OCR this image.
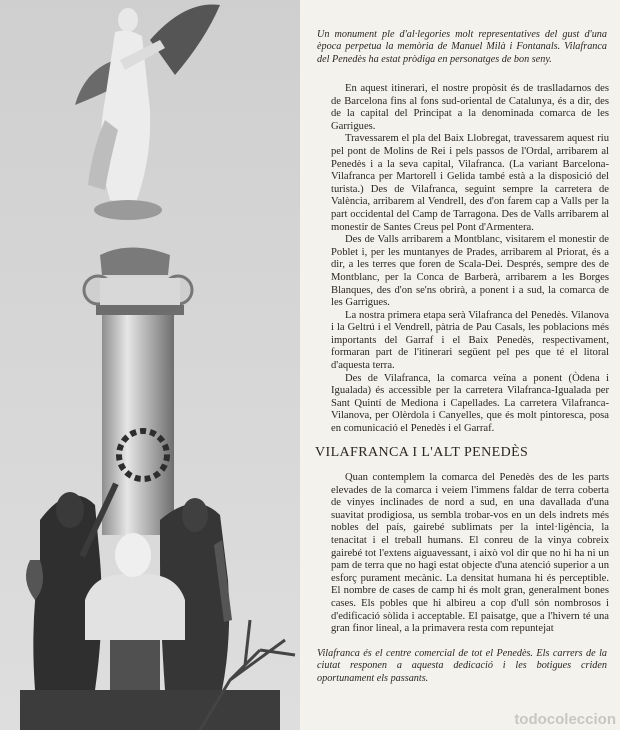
Un monument ple d'al·legories molt representatives del gust d'una època perpetua la memòria de Manuel Milà i Fontanals. Vilafranca del Penedès ha estat pròdiga en personatges de bon seny.

En aquest itinerari, el nostre propòsit és de traslladarnos des de Barcelona fins al fons sud-oriental de Catalunya, és a dir, des de la capital del Principat a la denominada comarca de les Garrigues.

Travessarem el pla del Baix Llobregat, travessarem aquest riu pel pont de Molins de Rei i pels passos de l'Ordal, arribarem al Penedès i a la seva capital, Vilafranca. (La variant Barcelona-Vilafranca per Martorell i Gelida també està a la disposició del turista.) Des de Vilafranca, seguint sempre la carretera de València, arribarem al Vendrell, des d'on farem cap a Valls per la part occidental del Camp de Tarragona. Des de Valls arribarem al monestir de Santes Creus pel Pont d'Armentera.

Des de Valls arribarem a Montblanc, visitarem el monestir de Poblet i, per les muntanyes de Prades, arribarem al Priorat, és a dir, a les terres que foren de Scala-Dei. Després, sempre des de Montblanc, per la Conca de Barberà, arribarem a les Borges Blanques, des d'on se'ns obrirà, a ponent i a sud, la comarca de les Garrigues.

La nostra primera etapa serà Vilafranca del Penedès. Vilanova i la Geltrú i el Vendrell, pàtria de Pau Casals, les poblacions més importants del Garraf i el Baix Penedès, respectivament, formaran part de l'itinerari següent pel pes que té el litoral d'aquesta terra.

Des de Vilafranca, la comarca veïna a ponent (Òdena i Igualada) és accessible per la carretera Vilafranca-Igualada per Sant Quintí de Mediona i Capellades. La carretera Vilafranca-Vilanova, per Olèrdola i Canyelles, que és molt pintoresca, posa en comunicació el Penedès i el Garraf.

VILAFRANCA I L'ALT PENEDÈS

Quan contemplem la comarca del Penedès des de les parts elevades de la comarca i veiem l'immens faldar de terra coberta de vinyes inclinades de nord a sud, en una davallada d'una suavitat prodigiosa, us sembla trobar-vos en un dels indrets més nobles del país, gairebé sublimats per la intel·ligència, la tenacitat i el treball humans. El conreu de la vinya cobreix gairebé tot l'extens aiguavessant, i això vol dir que no hi ha ni un pam de terra que no hagi estat objecte d'una atenció superior a un esforç purament mecànic. La densitat humana hi és perceptible. El nombre de cases de camp hi és molt gran, generalment bones cases. Els pobles que hi albireu a cop d'ull són nombrosos i d'edificació sòlida i acceptable. El paisatge, que a l'hivern té una gran finor lineal, a la primavera resta com repuntejat

Vilafranca és el centre comercial de tot el Penedès. Els carrers de la ciutat responen a aquesta dedicació i les botigues criden oportunament els passants.

todocoleccion
